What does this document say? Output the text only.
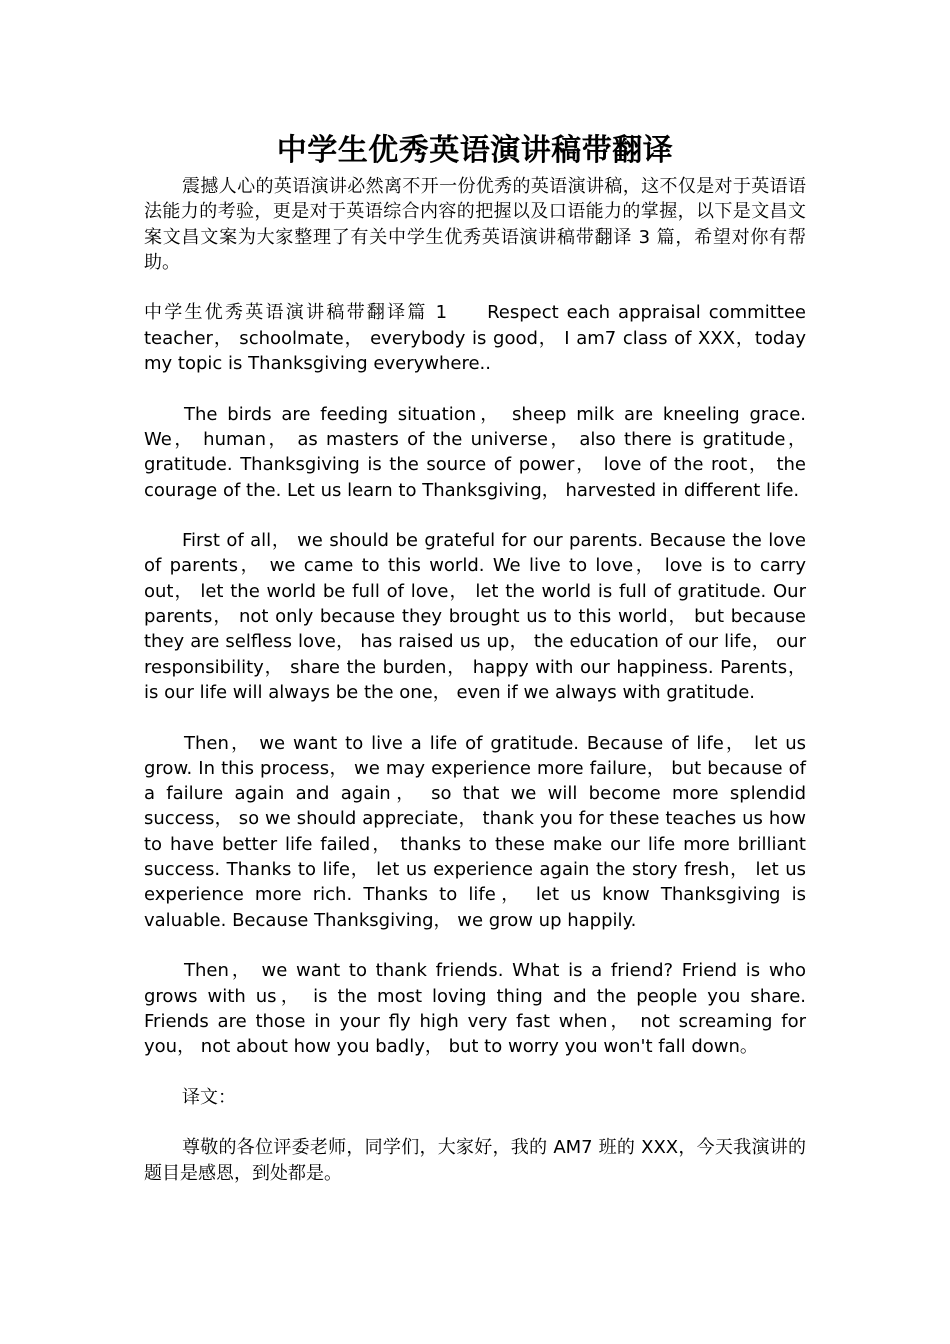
中学生优秀英语演讲稿带翻译

震撼人心的英语演讲必然离不开一份优秀的英语演讲稿，这不仅是对于英语语法能力的考验，更是对于英语综合内容的把握以及口语能力的掌握，以下是文昌文案文昌文案为大家整理了有关中学生优秀英语演讲稿带翻译 3 篇，希望对你有帮助。

中学生优秀英语演讲稿带翻译篇 1 Respect each appraisal committee teacher， schoolmate， everybody is good， I am7 class of XXX，today my topic is Thanksgiving everywhere..

The birds are feeding situation， sheep milk are kneeling grace. We， human， as masters of the universe， also there is gratitude， gratitude. Thanksgiving is the source of power， love of the root， the courage of the. Let us learn to Thanksgiving， harvested in different life.

First of all， we should be grateful for our parents. Because the love of parents， we came to this world. We live to love， love is to carry out， let the world be full of love， let the world is full of gratitude. Our parents， not only because they brought us to this world， but because they are selfless love， has raised us up， the education of our life， our responsibility， share the burden， happy with our happiness. Parents， is our life will always be the one， even if we always with gratitude.

Then， we want to live a life of gratitude. Because of life， let us grow. In this process， we may experience more failure， but because of a failure again and again， so that we will become more splendid success， so we should appreciate， thank you for these teaches us how to have better life failed， thanks to these make our life more brilliant success. Thanks to life， let us experience again the story fresh， let us experience more rich. Thanks to life， let us know Thanksgiving is valuable. Because Thanksgiving， we grow up happily.

Then， we want to thank friends. What is a friend? Friend is who grows with us， is the most loving thing and the people you share. Friends are those in your fly high very fast when， not screaming for you， not about how you badly， but to worry you won't fall down。

译文：

尊敬的各位评委老师，同学们，大家好，我的 AM7 班的 XXX，今天我演讲的题目是感恩，到处都是。
